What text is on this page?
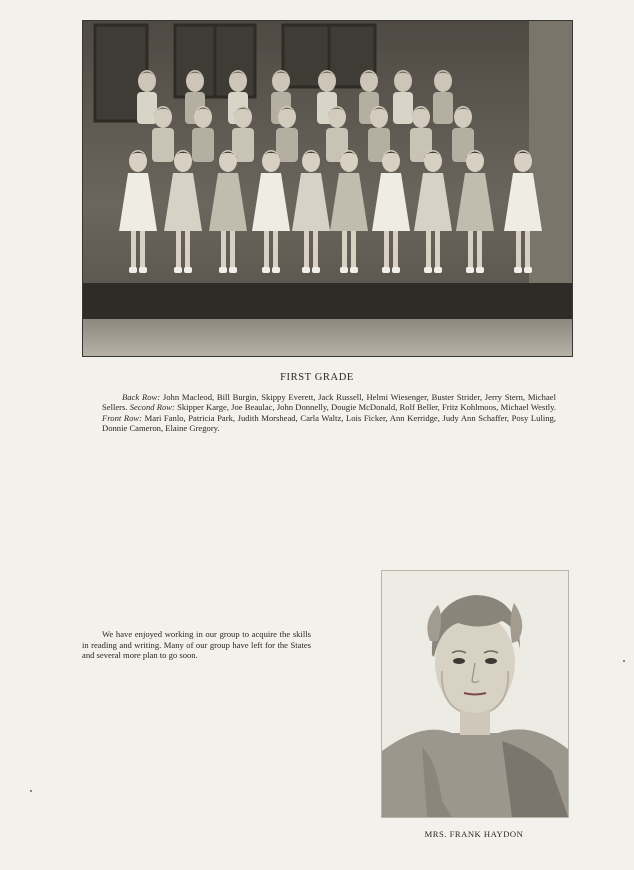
FIRST GRADE

Back Row: John Macleod, Bill Burgin, Skippy Everett, Jack Russell, Helmi Wiesenger, Buster Strider, Jerry Stern, Michael Sellers. Second Row: Skipper Karge, Joe Beaulac, John Donnelly, Dougie McDonald, Rolf Beller, Fritz Kohlmoos, Michael Westly. Front Row: Mari Fanlo, Patricia Park, Judith Morshead, Carla Waltz, Lois Ficker, Ann Kerridge, Judy Ann Schaffer, Posy Luling, Donnie Cameron, Elaine Gregory.

We have enjoyed working in our group to acquire the skills in reading and writing. Many of our group have left for the States and several more plan to go soon.

MRS. FRANK HAYDON
